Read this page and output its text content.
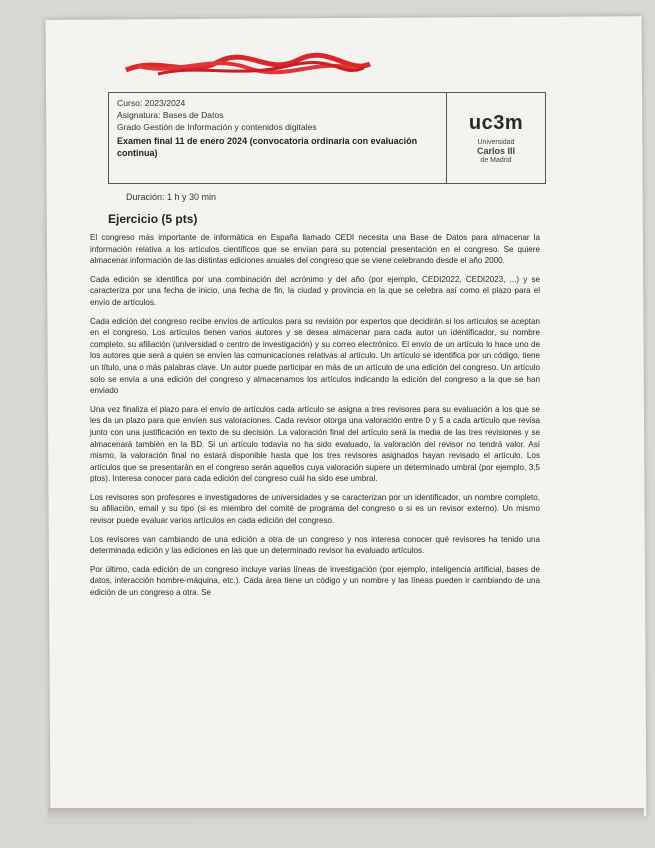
Curso: 2023/2024
Asignatura: Bases de Datos
Grado Gestión de Información y contenidos digitales
Examen final 11 de enero 2024 (convocatoria ordinaria con evaluación continua)
uc3m
Universidad
Carlos III
de Madrid
Duración: 1 h y 30 min
Ejercicio (5 pts)

El congreso más importante de informática en España llamado CEDI necesita una Base de Datos para almacenar la información relativa a los artículos científicos que se envían para su potencial presentación en el congreso. Se quiere almacenar información de las distintas ediciones anuales del congreso que se viene celebrando desde el año 2000.

Cada edición se identifica por una combinación del acrónimo y del año (por ejemplo, CEDI2022, CEDI2023, ...) y se caracteriza por una fecha de inicio, una fecha de fin, la ciudad y provincia en la que se celebra así como el plazo para el envío de artículos.

Cada edición del congreso recibe envíos de artículos para su revisión por expertos que decidirán si los artículos se aceptan en el congreso. Los artículos tienen varios autores y se desea almacenar para cada autor un identificador, su nombre completo, su afiliación (universidad o centro de investigación) y su correo electrónico. El envío de un artículo lo hace uno de los autores que será a quien se envíen las comunicaciones relativas al artículo. Un artículo se identifica por un código, tiene un título, una o más palabras clave. Un autor puede participar en más de un artículo de una edición del congreso. Un artículo solo se envía a una edición del congreso y almacenamos los artículos indicando la edición del congreso a la que se han enviado

Una vez finaliza el plazo para el envío de artículos cada artículo se asigna a tres revisores para su evaluación a los que se les da un plazo para que envíen sus valoraciones. Cada revisor otorga una valoración entre 0 y 5 a cada artículo que revisa junto con una justificación en texto de su decisión. La valoración final del artículo será la media de las tres revisiones y se almacenará también en la BD. Si un artículo todavía no ha sido evaluado, la valoración del revisor no tendrá valor. Así mismo, la valoración final no estará disponible hasta que los tres revisores asignados hayan revisado el artículo. Los artículos que se presentarán en el congreso serán aquellos cuya valoración supere un determinado umbral (por ejemplo, 3,5 ptos). Interesa conocer para cada edición del congreso cuál ha sido ese umbral.

Los revisores son profesores e investigadores de universidades y se caracterizan por un identificador, un nombre completo, su afiliación, email y su tipo (si es miembro del comité de programa del congreso o si es un revisor externo). Un mismo revisor puede evaluar varios artículos en cada edición del congreso.

Los revisores van cambiando de una edición a otra de un congreso y nos interesa conocer qué revisores ha tenido una determinada edición y las ediciones en las que un determinado revisor ha evaluado artículos.

Por último, cada edición de un congreso incluye varias líneas de investigación (por ejemplo, inteligencia artificial, bases de datos, interacción hombre-máquina, etc.). Cada área tiene un código y un nombre y las líneas pueden ir cambiando de una edición de un congreso a otra. Se
